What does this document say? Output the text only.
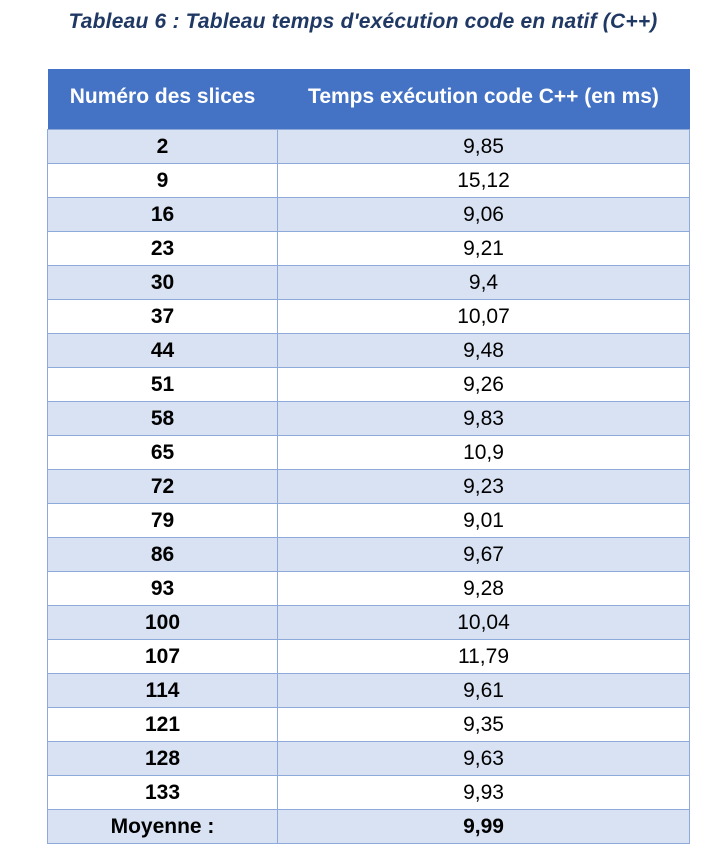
Tableau 6 : Tableau temps d'exécution code en natif (C++)
Numéro des slices	Temps exécution code C++ (en ms)
2	9,85
9	15,12
16	9,06
23	9,21
30	9,4
37	10,07
44	9,48
51	9,26
58	9,83
65	10,9
72	9,23
79	9,01
86	9,67
93	9,28
100	10,04
107	11,79
114	9,61
121	9,35
128	9,63
133	9,93
Moyenne :	9,99
